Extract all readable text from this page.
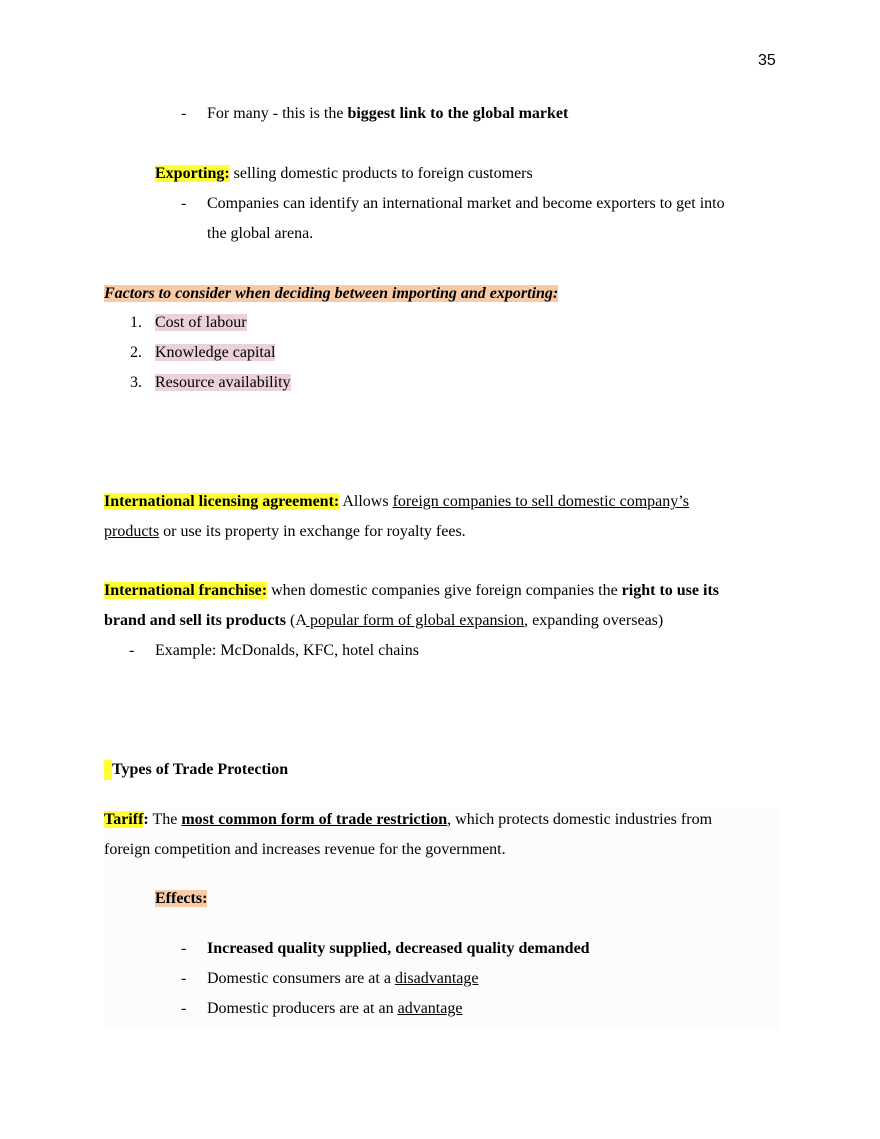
35
-	For many - this is the biggest link to the global market
Exporting: selling domestic products to foreign customers
-	Companies can identify an international market and become exporters to get into
the global arena.
Factors to consider when deciding between importing and exporting:
1. Cost of labour
2. Knowledge capital
3. Resource availability
International licensing agreement: Allows foreign companies to sell domestic company’s
products or use its property in exchange for royalty fees.
International franchise: when domestic companies give foreign companies the right to use its
brand and sell its products (A popular form of global expansion, expanding overseas)
-	Example: McDonalds, KFC, hotel chains
Types of Trade Protection
Tariff: The most common form of trade restriction, which protects domestic industries from
foreign competition and increases revenue for the government.
Effects:
-	Increased quality supplied, decreased quality demanded
-	Domestic consumers are at a disadvantage
-	Domestic producers are at an advantage
